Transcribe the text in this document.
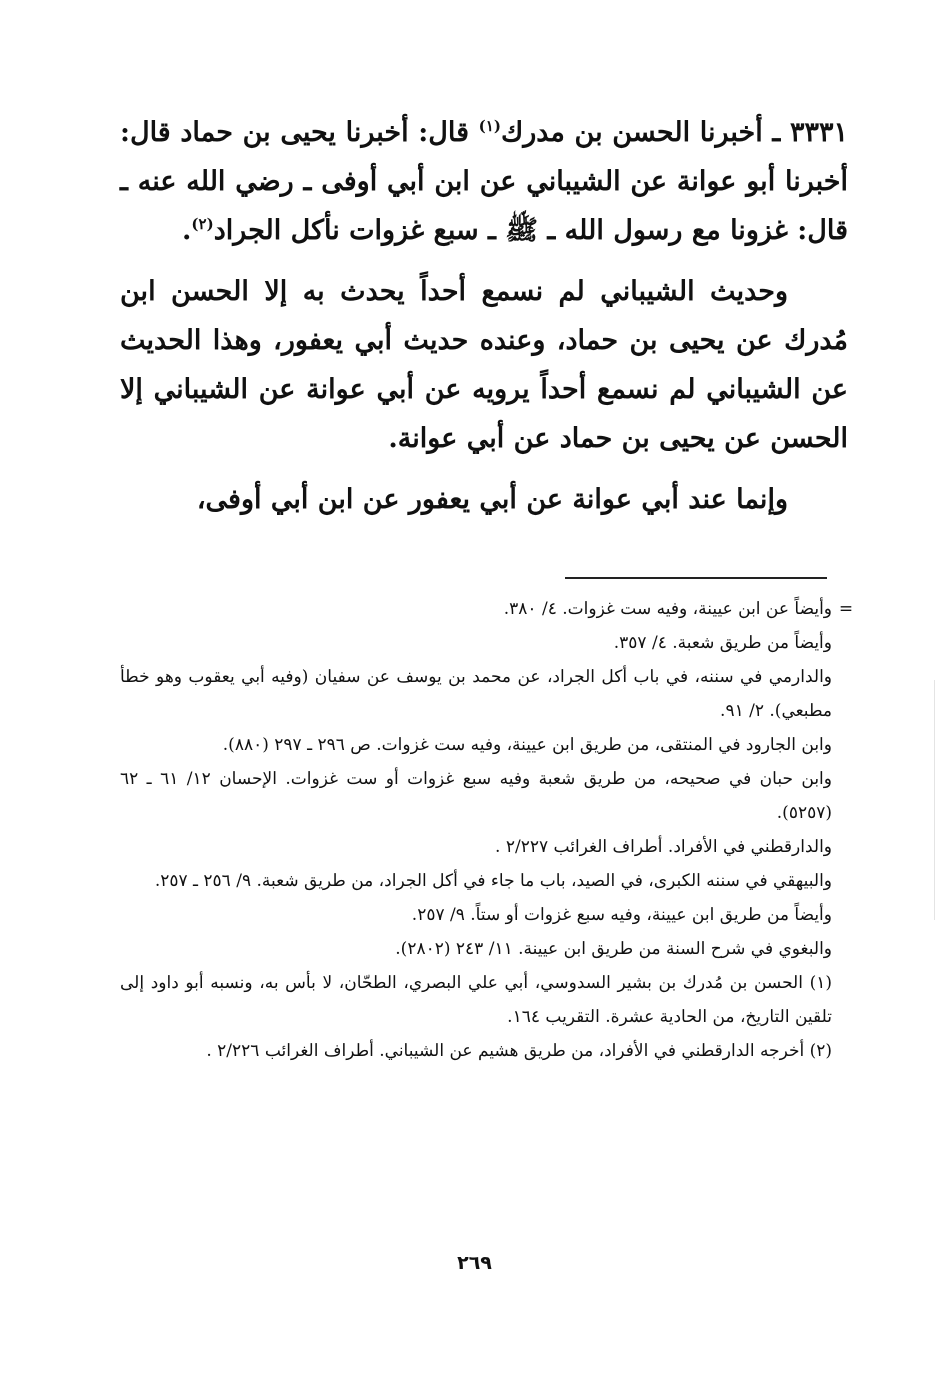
٣٣٣١ ـ أخبرنا الحسن بن مدرك$^{(١)}$ قال: أخبرنا يحيى بن حماد قال: أخبرنا أبو عوانة عن الشيباني عن ابن أبي أوفى ـ رضي الله عنه ـ قال: غزونا مع رسول الله ـ ﷺ ـ سبع غزوات نأكل الجراد$^{(٢)}$.

وحديث الشيباني لم نسمع أحداً يحدث به إلا الحسن ابن مُدرك عن يحيى بن حماد، وعنده حديث أبي يعفور، وهذا الحديث عن الشيباني لم نسمع أحداً يرويه عن أبي عوانة عن الشيباني إلا الحسن عن يحيى بن حماد عن أبي عوانة.

وإنما عند أبي عوانة عن أبي يعفور عن ابن أبي أوفى،

=

وأيضاً عن ابن عيينة، وفيه ست غزوات. ٤/ ٣٨٠.

وأيضاً من طريق شعبة. ٤/ ٣٥٧.

والدارمي في سننه، في باب أكل الجراد، عن محمد بن يوسف عن سفيان (وفيه أبي يعقوب وهو خطأ مطبعي). ٢/ ٩١.

وابن الجارود في المنتقى، من طريق ابن عيينة، وفيه ست غزوات. ص ٢٩٦ ـ ٢٩٧ (٨٨٠).

وابن حبان في صحيحه، من طريق شعبة وفيه سبع غزوات أو ست غزوات. الإحسان ١٢/ ٦١ ـ ٦٢ (٥٢٥٧).

والدارقطني في الأفراد. أطراف الغرائب ٢/٢٢٧ .

والبيهقي في سننه الكبرى، في الصيد، باب ما جاء في أكل الجراد، من طريق شعبة. ٩/ ٢٥٦ ـ ٢٥٧.

وأيضاً من طريق ابن عيينة، وفيه سبع غزوات أو ستاً. ٩/ ٢٥٧.

والبغوي في شرح السنة من طريق ابن عيينة. ١١/ ٢٤٣ (٢٨٠٢).

(١) الحسن بن مُدرك بن بشير السدوسي، أبي علي البصري، الطحّان، لا بأس به، ونسبه أبو داود إلى تلقين التاريخ، من الحادية عشرة. التقريب ١٦٤.

(٢) أخرجه الدارقطني في الأفراد، من طريق هشيم عن الشيباني. أطراف الغرائب ٢/٢٢٦ .

٢٦٩
